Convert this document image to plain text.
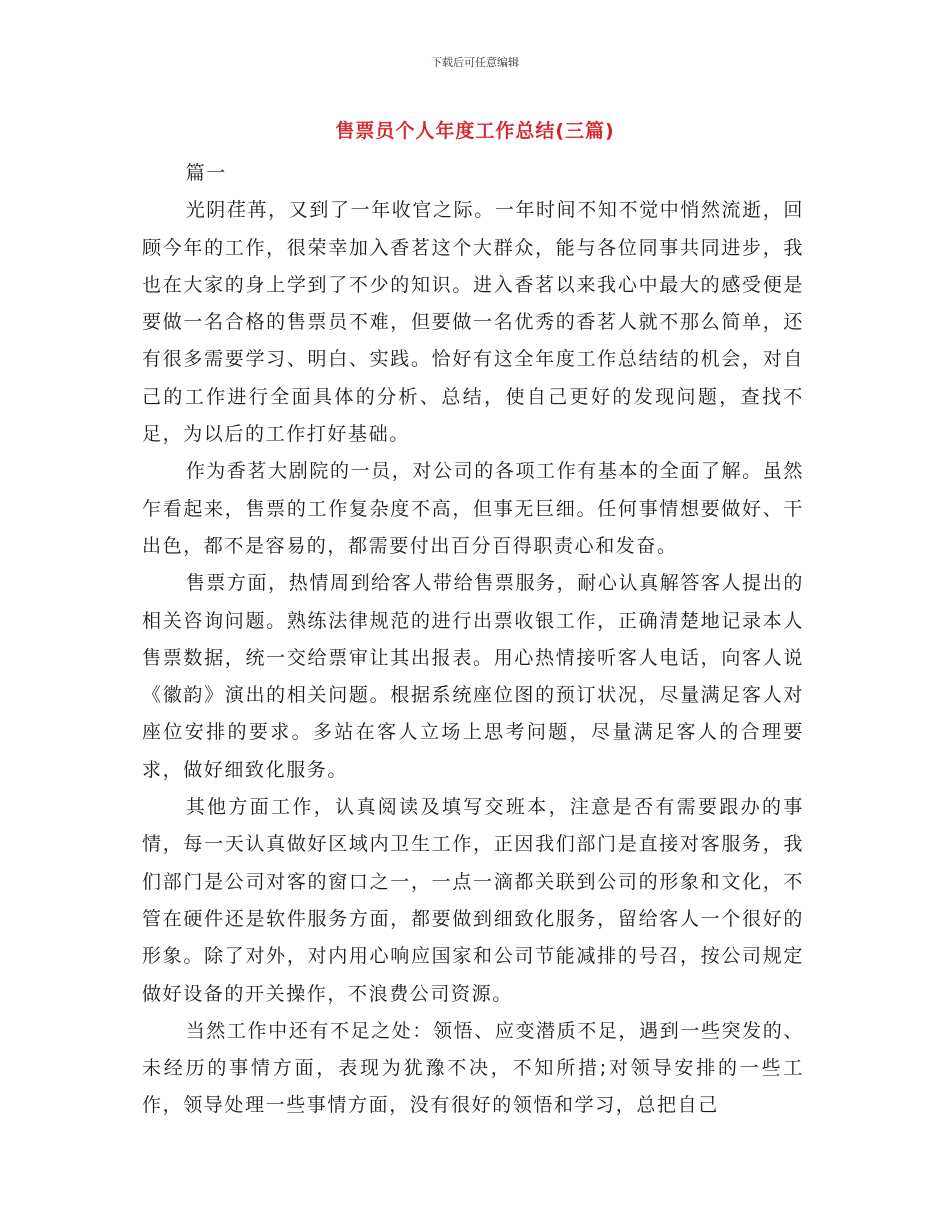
下载后可任意编辑
售票员个人年度工作总结(三篇)

篇一

光阴荏苒，又到了一年收官之际。一年时间不知不觉中悄然流逝，回顾今年的工作，很荣幸加入香茗这个大群众，能与各位同事共同进步，我也在大家的身上学到了不少的知识。进入香茗以来我心中最大的感受便是要做一名合格的售票员不难，但要做一名优秀的香茗人就不那么简单，还有很多需要学习、明白、实践。恰好有这全年度工作总结结的机会，对自己的工作进行全面具体的分析、总结，使自己更好的发现问题，查找不足，为以后的工作打好基础。

作为香茗大剧院的一员，对公司的各项工作有基本的全面了解。虽然乍看起来，售票的工作复杂度不高，但事无巨细。任何事情想要做好、干出色，都不是容易的，都需要付出百分百得职责心和发奋。

售票方面，热情周到给客人带给售票服务，耐心认真解答客人提出的相关咨询问题。熟练法律规范的进行出票收银工作，正确清楚地记录本人售票数据，统一交给票审让其出报表。用心热情接听客人电话，向客人说《徽韵》演出的相关问题。根据系统座位图的预订状况，尽量满足客人对座位安排的要求。多站在客人立场上思考问题，尽量满足客人的合理要求，做好细致化服务。

其他方面工作，认真阅读及填写交班本，注意是否有需要跟办的事情，每一天认真做好区域内卫生工作，正因我们部门是直接对客服务，我们部门是公司对客的窗口之一，一点一滴都关联到公司的形象和文化，不管在硬件还是软件服务方面，都要做到细致化服务，留给客人一个很好的形象。除了对外，对内用心响应国家和公司节能减排的号召，按公司规定做好设备的开关操作，不浪费公司资源。

当然工作中还有不足之处：领悟、应变潜质不足，遇到一些突发的、未经历的事情方面，表现为犹豫不决，不知所措;对领导安排的一些工作，领导处理一些事情方面，没有很好的领悟和学习，总把自己
